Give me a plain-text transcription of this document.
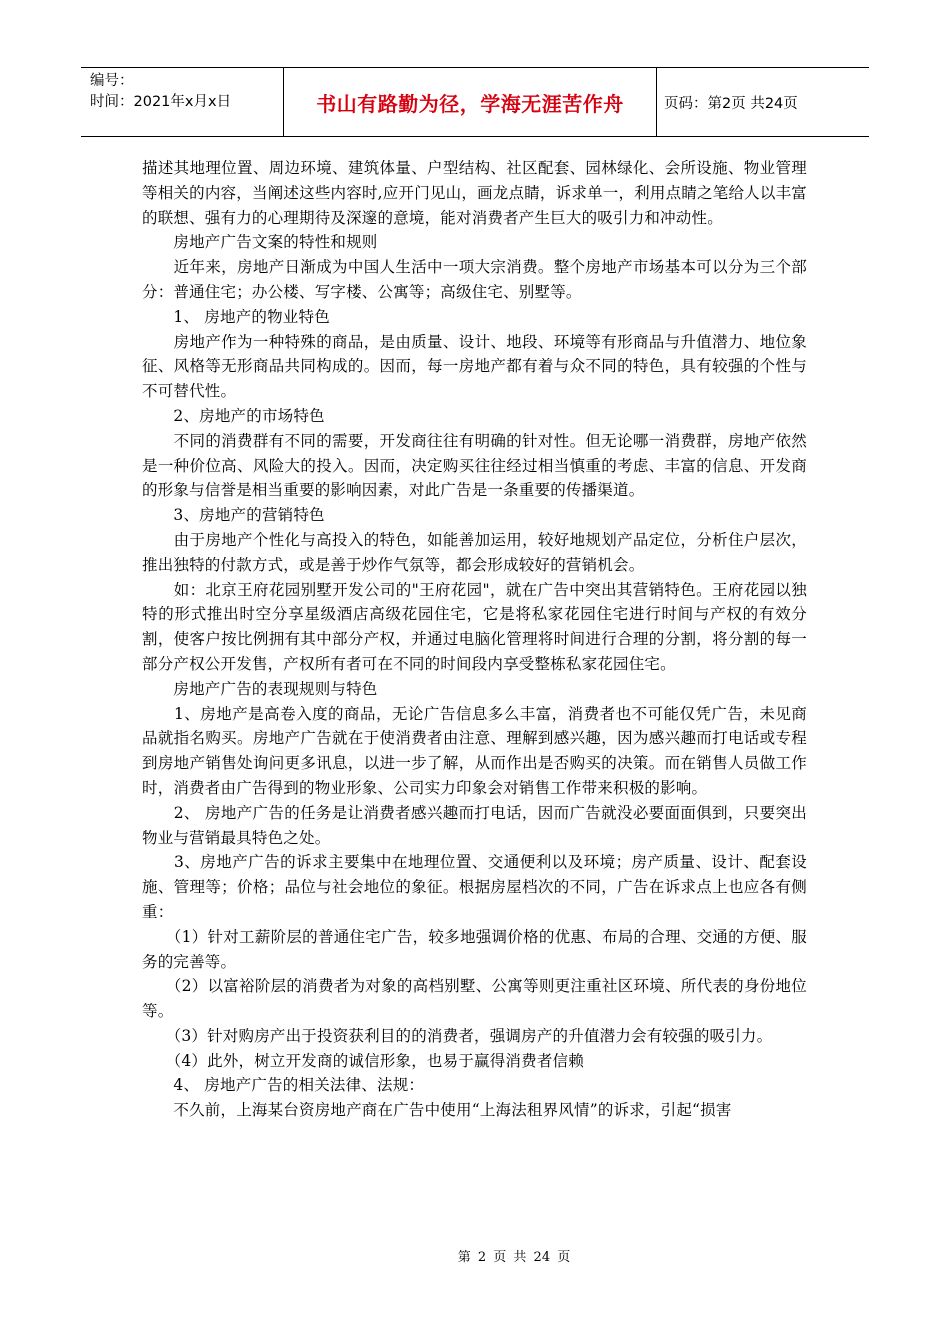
编号：
时间：2021年x月x日	书山有路勤为径，学海无涯苦作舟	页码：第2页 共24页

描述其地理位置、周边环境、建筑体量、户型结构、社区配套、园林绿化、会所设施、物业管理等相关的内容，当阐述这些内容时,应开门见山，画龙点睛，诉求单一，利用点睛之笔给人以丰富的联想、强有力的心理期待及深邃的意境，能对消费者产生巨大的吸引力和冲动性。

　　房地产广告文案的特性和规则

　　近年来，房地产日渐成为中国人生活中一项大宗消费。整个房地产市场基本可以分为三个部分：普通住宅；办公楼、写字楼、公寓等；高级住宅、别墅等。

　　1、 房地产的物业特色

　　房地产作为一种特殊的商品，是由质量、设计、地段、环境等有形商品与升值潜力、地位象征、风格等无形商品共同构成的。因而，每一房地产都有着与众不同的特色，具有较强的个性与不可替代性。

　　2、房地产的市场特色

　　不同的消费群有不同的需要，开发商往往有明确的针对性。但无论哪一消费群，房地产依然是一种价位高、风险大的投入。因而，决定购买往往经过相当慎重的考虑、丰富的信息、开发商的形象与信誉是相当重要的影响因素，对此广告是一条重要的传播渠道。

　　3、房地产的营销特色

　　由于房地产个性化与高投入的特色，如能善加运用，较好地规划产品定位，分析住户层次，推出独特的付款方式，或是善于炒作气氛等，都会形成较好的营销机会。

　　如：北京王府花园别墅开发公司的"王府花园"，就在广告中突出其营销特色。王府花园以独特的形式推出时空分享星级酒店高级花园住宅，它是将私家花园住宅进行时间与产权的有效分割，使客户按比例拥有其中部分产权，并通过电脑化管理将时间进行合理的分割，将分割的每一部分产权公开发售，产权所有者可在不同的时间段内享受整栋私家花园住宅。

　　房地产广告的表现规则与特色

　　1、房地产是高卷入度的商品，无论广告信息多么丰富，消费者也不可能仅凭广告，未见商品就指名购买。房地产广告就在于使消费者由注意、理解到感兴趣，因为感兴趣而打电话或专程到房地产销售处询问更多讯息，以进一步了解，从而作出是否购买的决策。而在销售人员做工作时，消费者由广告得到的物业形象、公司实力印象会对销售工作带来积极的影响。

　　2、 房地产广告的任务是让消费者感兴趣而打电话，因而广告就没必要面面俱到，只要突出物业与营销最具特色之处。

　　3、房地产广告的诉求主要集中在地理位置、交通便利以及环境；房产质量、设计、配套设施、管理等；价格；品位与社会地位的象征。根据房屋档次的不同，广告在诉求点上也应各有侧重：

　　（1）针对工薪阶层的普通住宅广告，较多地强调价格的优惠、布局的合理、交通的方便、服务的完善等。

　　（2）以富裕阶层的消费者为对象的高档别墅、公寓等则更注重社区环境、所代表的身份地位等。

　　（3）针对购房产出于投资获利目的的消费者，强调房产的升值潜力会有较强的吸引力。

　　（4）此外，树立开发商的诚信形象，也易于赢得消费者信赖

　　4、 房地产广告的相关法律、法规：

　　不久前，上海某台资房地产商在广告中使用“上海法租界风情”的诉求，引起“损害

第 2 页 共 24 页
